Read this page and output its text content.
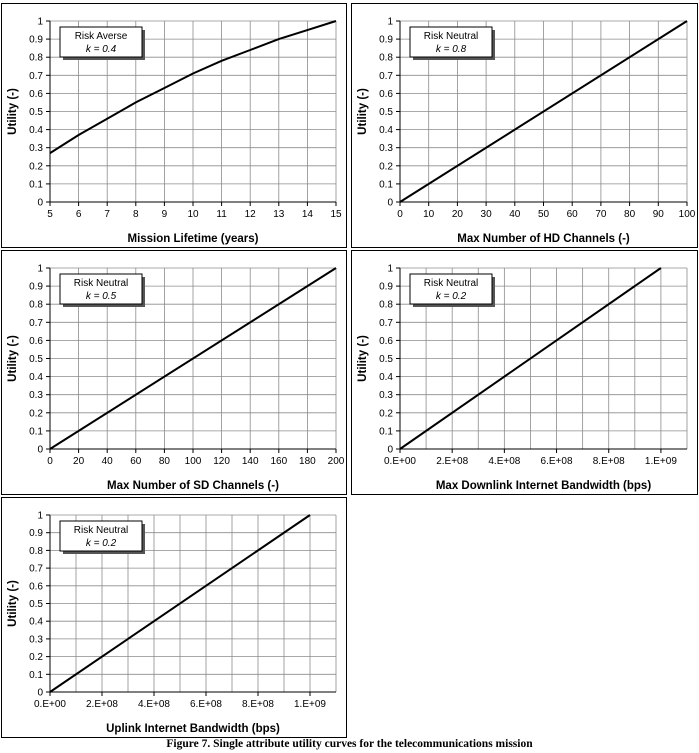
0
0.1
0.2
0.3
0.4
0.5
0.6
0.7
0.8
0.9
1
5 6 7 8 9 10 11 12 13 14 15
Mission Lifetime (years)
Utility (-)
Risk Averse
k = 0.4
0
0.1
0.2
0.3
0.4
0.5
0.6
0.7
0.8
0.9
1
0 10 20 30 40 50 60 70 80 90 100
Max Number of HD Channels (-)
Utility (-)
Risk Neutral
k = 0.8
0
0.1
0.2
0.3
0.4
0.5
0.6
0.7
0.8
0.9
1
0 20 40 60 80 100 120 140 160 180 200
Max Number of SD Channels (-)
Utility (-)
Risk Neutral
k = 0.5
0
0.1
0.2
0.3
0.4
0.5
0.6
0.7
0.8
0.9
1
0.E+00 2.E+08 4.E+08 6.E+08 8.E+08 1.E+09
Max Downlink Internet Bandwidth (bps)
Utility (-)
Risk Neutral
k = 0.2
0
0.1
0.2
0.3
0.4
0.5
0.6
0.7
0.8
0.9
1
0.E+00 2.E+08 4.E+08 6.E+08 8.E+08 1.E+09
Uplink Internet Bandwidth (bps)
Utility (-)
Risk Neutral
k = 0.2
Figure 7. Single attribute utility curves for the telecommunications mission
